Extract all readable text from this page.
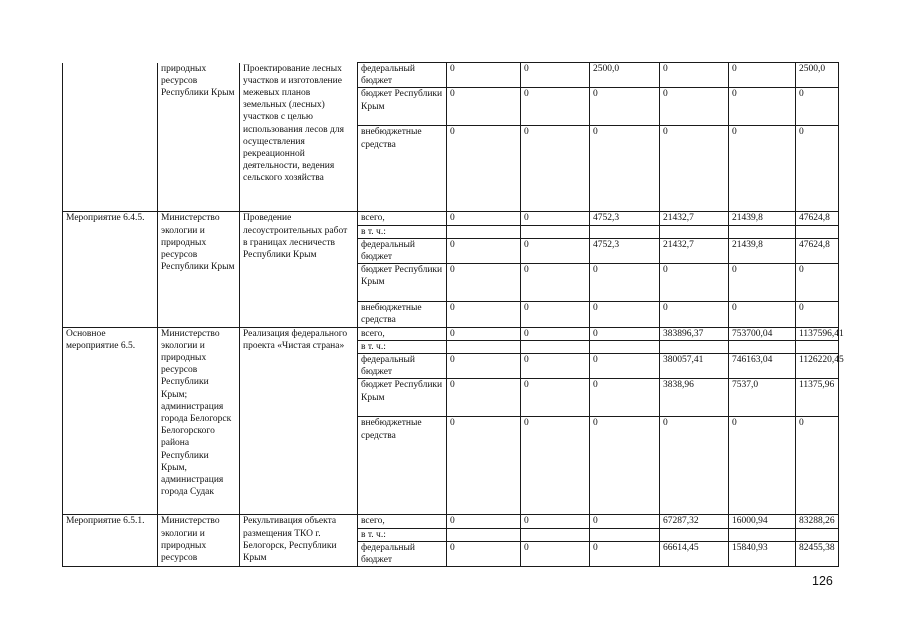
	природных ресурсов Республики Крым	Проектирование лесных участков и изготовление межевых планов земельных (лесных) участков с целью использования лесов для осуществления рекреационной деятельности, ведения сельского хозяйства	федеральный бюджет	0	0	2500,0	0	0	2500,0
			бюджет Республики Крым	0	0	0	0	0	0
			внебюджетные средства	0	0	0	0	0	0
Мероприятие 6.4.5.	Министерство экологии и природных ресурсов Республики Крым	Проведение лесоустроительных работ в границах лесничеств Республики Крым	всего,	0	0	4752,3	21432,7	21439,8	47624,8
			в т. ч.:						
			федеральный бюджет	0	0	4752,3	21432,7	21439,8	47624,8
			бюджет Республики Крым	0	0	0	0	0	0
			внебюджетные средства	0	0	0	0	0	0
Основное мероприятие 6.5.	Министерство экологии и природных ресурсов Республики Крым; администрация города Белогорск Белогорского района Республики Крым, администрация города Судак	Реализация федерального проекта «Чистая страна»	всего,	0	0	0	383896,37	753700,04	1137596,41
			в т. ч.:						
			федеральный бюджет	0	0	0	380057,41	746163,04	1126220,45
			бюджет Республики Крым	0	0	0	3838,96	7537,0	11375,96
			внебюджетные средства	0	0	0	0	0	0
Мероприятие 6.5.1.	Министерство экологии и природных ресурсов	Рекультивация объекта размещения ТКО г. Белогорск, Республики Крым	всего,	0	0	0	67287,32	16000,94	83288,26
			в т. ч.:						
			федеральный бюджет	0	0	0	66614,45	15840,93	82455,38
126
